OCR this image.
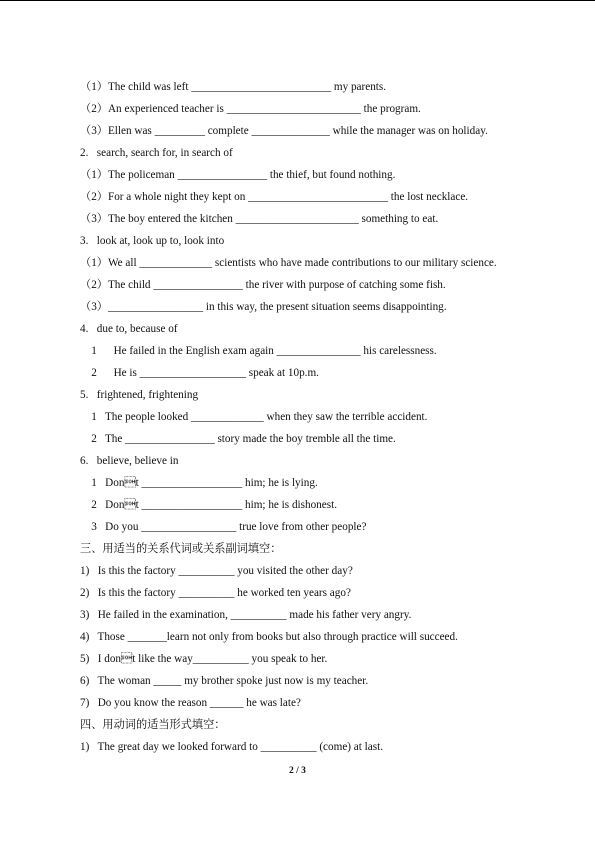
（1）The child was left _________________________ my parents.
（2）An experienced teacher is ________________________ the program.
（3）Ellen was _________ complete ______________ while the manager was on holiday.
2.   search, search for, in search of
（1）The policeman ________________ the thief, but found nothing.
（2）For a whole night they kept on _________________________ the lost necklace.
（3）The boy entered the kitchen ______________________ something to eat.
3.   look at, look up to, look into
（1）We all _____________ scientists who have made contributions to our military science.
（2）The child ________________ the river with purpose of catching some fish.
（3）_________________ in this way, the present situation seems disappointing.
4.   due to, because of
1      He failed in the English exam again _______________ his carelessness.
2      He is ___________________ speak at 10p.m.
5.   frightened, frightening
1   The people looked _____________ when they saw the terrible accident.
2   The ________________ story made the boy tremble all the time.
6.   believe, believe in
1   Dont __________________ him; he is lying.
2   Dont __________________ him; he is dishonest.
3   Do you _________________ true love from other people?
三、用适当的关系代词或关系副词填空：
1)   Is this the factory __________ you visited the other day?
2)   Is this the factory __________ he worked ten years ago?
3)   He failed in the examination, __________ made his father very angry.
4)   Those _______learn not only from books but also through practice will succeed.
5)   I dont like the way__________ you speak to her.
6)   The woman _____ my brother spoke just now is my teacher.
7)   Do you know the reason ______ he was late?
四、用动词的适当形式填空：
1)   The great day we looked forward to __________ (come) at last.
2 / 3
